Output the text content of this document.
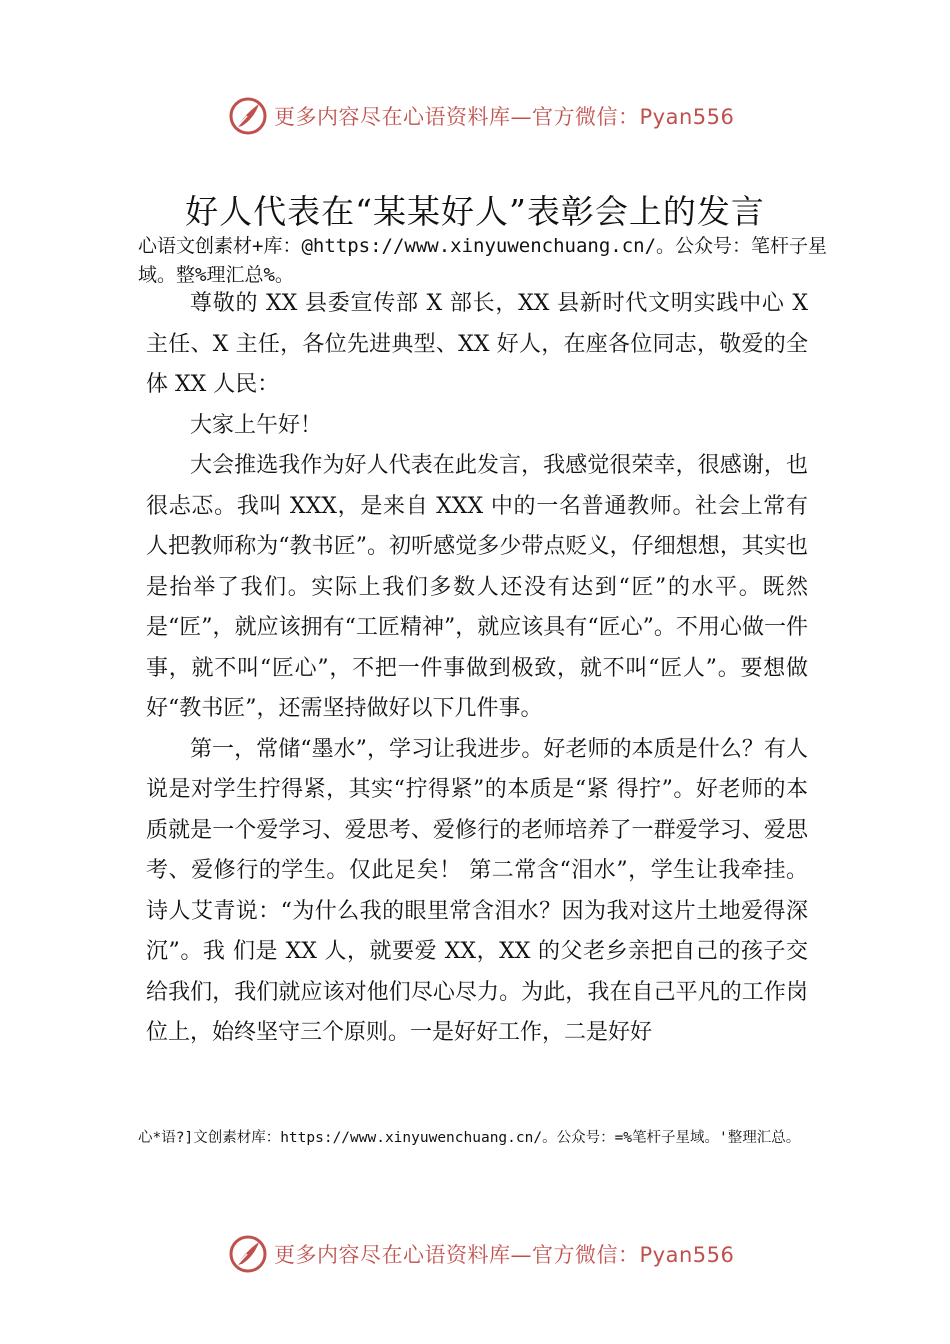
更多内容尽在心语资料库—官方微信：Pyan556
好人代表在“某某好人”表彰会上的发言
心语文创素材+库：@https://www.xinyuwenchuang.cn/。公众号：笔杆子星域。整%理汇总%。

尊敬的 XX 县委宣传部 X 部长，XX 县新时代文明实践中心 X 主任、X 主任，各位先进典型、XX 好人，在座各位同志，敬爱的全体 XX 人民：

大家上午好！

大会推选我作为好人代表在此发言，我感觉很荣幸，很感谢，也很忐忑。我叫 XXX，是来自 XXX 中的一名普通教师。社会上常有人把教师称为“教书匠”。初听感觉多少带点贬义，仔细想想，其实也是抬举了我们。实际上我们多数人还没有达到“匠”的水平。既然是“匠”，就应该拥有“工匠精神”，就应该具有“匠心”。不用心做一件事，就不叫“匠心”，不把一件事做到极致，就不叫“匠人”。要想做好“教书匠”，还需坚持做好以下几件事。

第一，常储“墨水”，学习让我进步。好老师的本质是什么？有人说是对学生拧得紧，其实“拧得紧”的本质是“紧 得拧”。好老师的本质就是一个爱学习、爱思考、爱修行的老师培养了一群爱学习、爱思考、爱修行的学生。仅此足矣！ 第二常含“泪水”，学生让我牵挂。诗人艾青说：“为什么我的眼里常含泪水？因为我对这片土地爱得深沉”。我 们是 XX 人，就要爱 XX，XX 的父老乡亲把自己的孩子交给我们，我们就应该对他们尽心尽力。为此，我在自己平凡的工作岗位上，始终坚守三个原则。一是好好工作，二是好好

心*语?]文创素材库：https://www.xinyuwenchuang.cn/。公众号：=%笔杆子星域。'整理汇总。
更多内容尽在心语资料库—官方微信：Pyan556
